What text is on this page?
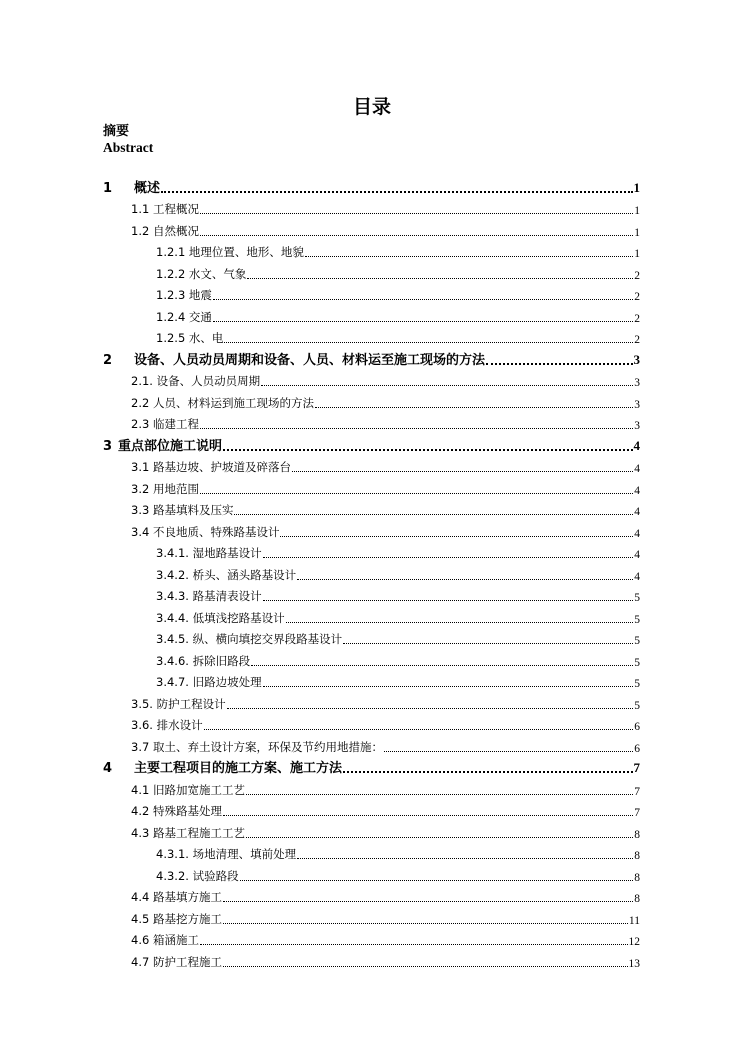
目录
摘要
Abstract
1 概述	1
1.1 工程概况	1
1.2 自然概况	1
1.2.1 地理位置、地形、地貌	1
1.2.2 水文、气象	2
1.2.3 地震	2
1.2.4 交通	2
1.2.5 水、电	2
2 设备、人员动员周期和设备、人员、材料运至施工现场的方法	3
2.1. 设备、人员动员周期	3
2.2 人员、材料运到施工现场的方法	3
2.3 临建工程	3
3 重点部位施工说明	4
3.1 路基边坡、护坡道及碎落台	4
3.2 用地范围	4
3.3 路基填料及压实	4
3.4 不良地质、特殊路基设计	4
3.4.1. 湿地路基设计	4
3.4.2. 桥头、涵头路基设计	4
3.4.3. 路基清表设计	5
3.4.4. 低填浅挖路基设计	5
3.4.5. 纵、横向填挖交界段路基设计	5
3.4.6. 拆除旧路段	5
3.4.7. 旧路边坡处理	5
3.5. 防护工程设计	5
3.6. 排水设计	6
3.7 取土、弃土设计方案，环保及节约用地措施：	6
4 主要工程项目的施工方案、施工方法	7
4.1 旧路加宽施工工艺	7
4.2 特殊路基处理	7
4.3 路基工程施工工艺	8
4.3.1. 场地清理、填前处理	8
4.3.2. 试验路段	8
4.4 路基填方施工	8
4.5 路基挖方施工	11
4.6 箱涵施工	12
4.7 防护工程施工	13
